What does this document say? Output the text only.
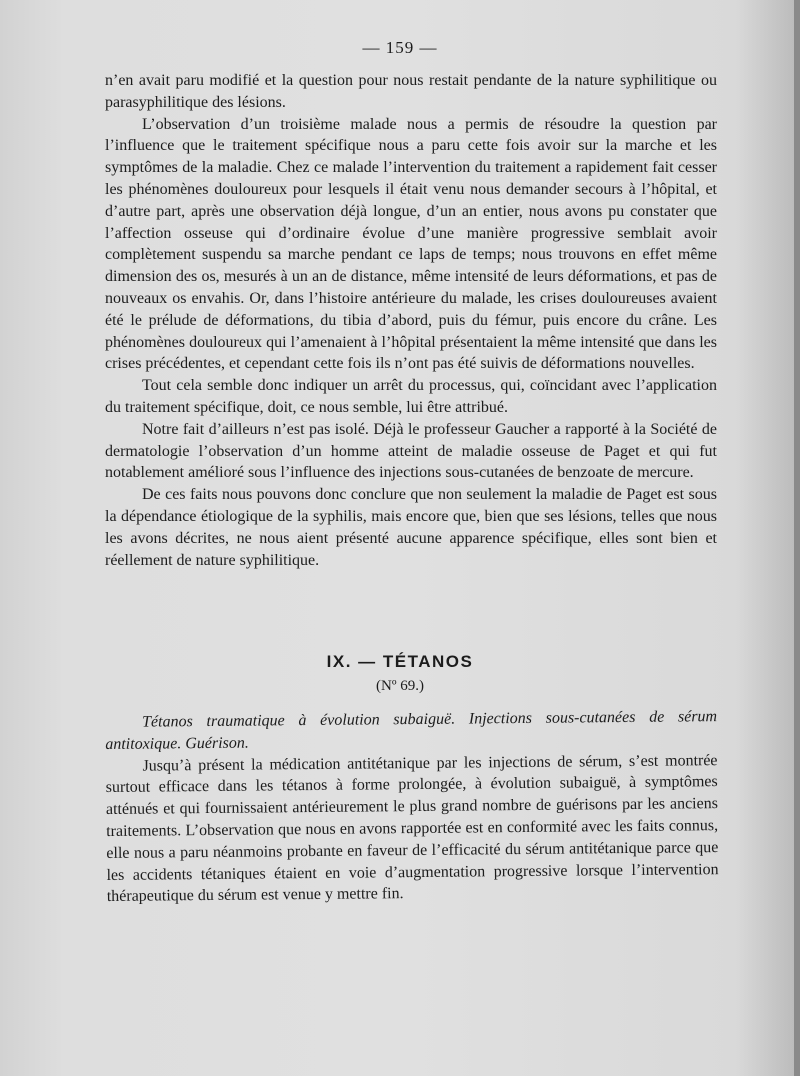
— 159 —

n’en avait paru modifié et la question pour nous restait pendante de la nature syphilitique ou parasyphilitique des lésions.

L’observation d’un troisième malade nous a permis de résoudre la question par l’influence que le traitement spécifique nous a paru cette fois avoir sur la marche et les symptômes de la maladie. Chez ce malade l’intervention du traitement a rapidement fait cesser les phénomènes douloureux pour lesquels il était venu nous demander secours à l’hôpital, et d’autre part, après une observation déjà longue, d’un an entier, nous avons pu constater que l’affection osseuse qui d’ordinaire évolue d’une manière progressive semblait avoir complètement suspendu sa marche pendant ce laps de temps; nous trouvons en effet même dimension des os, mesurés à un an de distance, même intensité de leurs déformations, et pas de nouveaux os envahis. Or, dans l’histoire antérieure du malade, les crises douloureuses avaient été le prélude de déformations, du tibia d’abord, puis du fémur, puis encore du crâne. Les phénomènes douloureux qui l’amenaient à l’hôpital présentaient la même intensité que dans les crises précédentes, et cependant cette fois ils n’ont pas été suivis de déformations nouvelles.

Tout cela semble donc indiquer un arrêt du processus, qui, coïncidant avec l’application du traitement spécifique, doit, ce nous semble, lui être attribué.

Notre fait d’ailleurs n’est pas isolé. Déjà le professeur Gaucher a rapporté à la Société de dermatologie l’observation d’un homme atteint de maladie osseuse de Paget et qui fut notablement amélioré sous l’influence des injections sous-cutanées de benzoate de mercure.

De ces faits nous pouvons donc conclure que non seulement la maladie de Paget est sous la dépendance étiologique de la syphilis, mais encore que, bien que ses lésions, telles que nous les avons décrites, ne nous aient présenté aucune apparence spécifique, elles sont bien et réellement de nature syphilitique.

IX. — TÉTANOS
(Nº 69.)

Tétanos traumatique à évolution subaiguë. Injections sous-cutanées de sérum antitoxique. Guérison.

Jusqu’à présent la médication antitétanique par les injections de sérum, s’est montrée surtout efficace dans les tétanos à forme prolongée, à évolution subaiguë, à symptômes atténués et qui fournissaient antérieurement le plus grand nombre de guérisons par les anciens traitements. L’observation que nous en avons rapportée est en conformité avec les faits connus, elle nous a paru néanmoins probante en faveur de l’efficacité du sérum antitétanique parce que les accidents tétaniques étaient en voie d’augmentation progressive lorsque l’intervention thérapeutique du sérum est venue y mettre fin.
